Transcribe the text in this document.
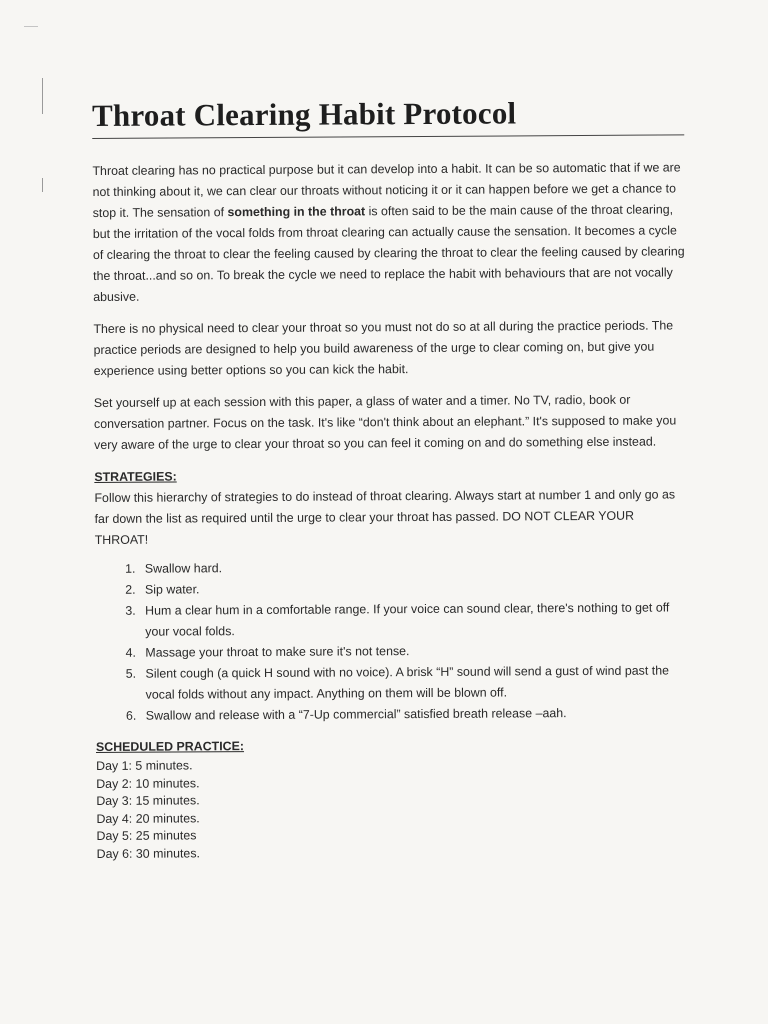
Throat Clearing Habit Protocol

Throat clearing has no practical purpose but it can develop into a habit. It can be so automatic that if we are not thinking about it, we can clear our throats without noticing it or it can happen before we get a chance to stop it. The sensation of something in the throat is often said to be the main cause of the throat clearing, but the irritation of the vocal folds from throat clearing can actually cause the sensation. It becomes a cycle of clearing the throat to clear the feeling caused by clearing the throat to clear the feeling caused by clearing the throat...and so on. To break the cycle we need to replace the habit with behaviours that are not vocally abusive.

There is no physical need to clear your throat so you must not do so at all during the practice periods. The practice periods are designed to help you build awareness of the urge to clear coming on, but give you experience using better options so you can kick the habit.

Set yourself up at each session with this paper, a glass of water and a timer. No TV, radio, book or conversation partner. Focus on the task. It's like “don't think about an elephant.” It's supposed to make you very aware of the urge to clear your throat so you can feel it coming on and do something else instead.

STRATEGIES:

Follow this hierarchy of strategies to do instead of throat clearing. Always start at number 1 and only go as far down the list as required until the urge to clear your throat has passed. DO NOT CLEAR YOUR THROAT!

1. Swallow hard.
2. Sip water.
3. Hum a clear hum in a comfortable range. If your voice can sound clear, there's nothing to get off your vocal folds.
4. Massage your throat to make sure it's not tense.
5. Silent cough (a quick H sound with no voice). A brisk “H” sound will send a gust of wind past the vocal folds without any impact. Anything on them will be blown off.
6. Swallow and release with a “7-Up commercial” satisfied breath release –aah.
SCHEDULED PRACTICE:
Day 1: 5 minutes.
Day 2: 10 minutes.
Day 3: 15 minutes.
Day 4: 20 minutes.
Day 5: 25 minutes
Day 6: 30 minutes.
